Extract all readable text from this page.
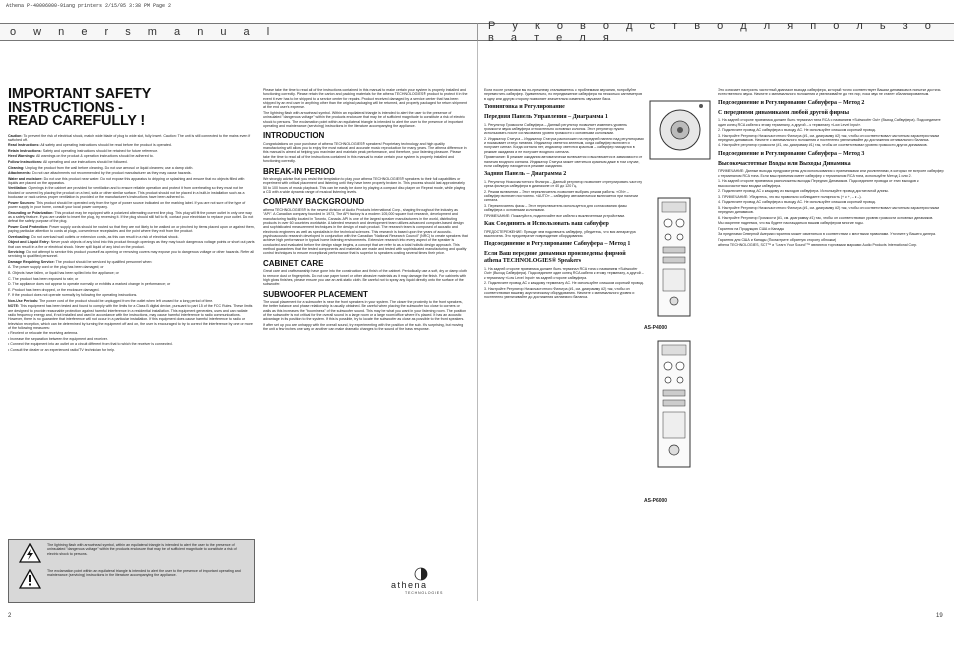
Athena P-40006000-91ang printers 2/15/05 3:38 PM Page 2
o w n e r s m a n u a l	Р у к о в о д с т в о д л я п о л ь з о в а т е л я
IMPORTANT SAFETY
INSTRUCTIONS -
READ CAREFULLY !

Caution: To prevent the risk of electrical shock, match wide blade of plug to wide slot, fully insert. Caution: The unit is still connected to the mains even if switched off.

Read Instructions: All safety and operating instructions should be read before the product is operated.

Retain Instructions: Safety and operating instructions should be retained for future reference.

Heed Warnings: All warnings on the product & operation instructions should be adhered to.

Follow Instructions: All operating and use instructions should be followed.

Cleaning: Unplug the product from the wall before cleaning. Do not use aerosol or liquid cleaners; use a damp cloth.

Attachments: Do not use attachments not recommended by the product manufacturer as they may cause hazards.

Water and moisture: Do not use this product near water. Do not expose this apparatus to dripping or splashing and ensure that no objects filled with liquids are placed on the apparatus.

Ventilation: Openings in the cabinet are provided for ventilation and to ensure reliable operation and protect it from overheating so they must not be blocked or covered by placing the product on a bed, sofa or other similar surface. This product should not be placed in a built-in installation such as a bookcase or rack unless proper ventilation is provided or the manufacturer's instructions have been adhered to.

Power Sources: This product should be operated only from the type of power source indicated on the marking label. If you are not sure of the type of power supply in your home, consult your local power company.

Grounding or Polarization: This product may be equipped with a polarized alternating current line plug. This plug will fit the power outlet in only one way as a safety feature. If you are unable to insert the plug, try reversing it. If the plug should still fail to fit, contact your electrician to replace your outlet. Do not defeat the safety purpose of the plug.

Power Cord Protection: Power supply cords should be routed so that they are not likely to be walked on or pinched by items placed upon or against them, paying particular attention to cords at plugs, convenience receptacles and the point where they exit from the product.

Overloading: Do not overload wall outlets or extension cords, as this can result in a risk of electrical shock.

Object and Liquid Entry: Never push objects of any kind into this product through openings as they may touch dangerous voltage points or short out parts that can result in a fire or electrical shock. Never spill liquid of any kind on the product.

Servicing: Do not attempt to service this product yourself as opening or removing covers may expose you to dangerous voltage or other hazards. Refer all servicing to qualified personnel.

Damage Requiring Service: The product should be serviced by qualified personnel when:

A. The power supply cord or the plug has been damaged; or

B. Objects have fallen, or liquid has been spilled into the appliance; or

C. The product has been exposed to rain; or

D. The appliance does not appear to operate normally or exhibits a marked change in performance; or

E. Product has been dropped, or the enclosure damaged.

F. If the product does not operate normally by following the operating instructions.

Non-Use Periods: The power cord of the product should be unplugged from the outlet when left unused for a long period of time.

NOTE: This equipment has been tested and found to comply with the limits for a Class B digital device, pursuant to part 15 of the FCC Rules. These limits are designed to provide reasonable protection against harmful interference in a residential installation. This equipment generates, uses and can radiate radio frequency energy and, if not installed and used in accordance with the instructions, may cause harmful interference to radio communications. However, there is no guarantee that interference will not occur in a particular installation. If this equipment does cause harmful interference to radio or television reception, which can be determined by turning the equipment off and on, the user is encouraged to try to correct the interference by one or more of the following measures:

• Reorient or relocate the receiving antenna.

• Increase the separation between the equipment and receiver.

• Connect the equipment into an outlet on a circuit different from that to which the receiver is connected.

• Consult the dealer or an experienced radio/TV technician for help.

The lightning flash with arrowhead symbol, within an equilateral triangle is intended to alert the user to the presence of uninsulated "dangerous voltage" within the products enclosure that may be of sufficient magnitude to constitute a risk of electric shock to persons.

The exclamation point within an equilateral triangle is intended to alert the user to the presence of important operating and maintenance (servicing) instructions in the literature accompanying the appliance.

Please take the time to read all of the instructions contained in this manual to make certain your system is properly installed and functioning correctly. Please retain the carton and packing materials for the athena TECHNOLOGIES® product to protect it in the event it ever has to be shipped to a service center for repairs. Product received damaged by a service center that has been shipped by an end user in anything other than the original packaging will be returned, and properly packaged for return shipment at the end user's expense.

The lightning flash with arrowhead symbol. Within an equilateral triangle is intended to alert the user to the presence of uninsulated "dangerous voltage" within the products enclosure that may be of sufficient magnitude to constitute a risk of electric shock to persons. The exclamation point within an equilateral triangle is intended to alert the user to the presence of important operating and maintenance (servicing) instructions in the literature accompanying the appliance.

INTRODUCTION

Congratulations on your purchase of athena TECHNOLOGIES® speakers! Proprietary technology and high quality manufacturing will allow you to enjoy the most natural and accurate music reproduction for many years. The athena difference in this manual is aimed at helping you maximize and maintain peak performance, and therefore, your listening pleasure. Please take the time to read all of the instructions contained in this manual to make certain your system is properly installed and functioning correctly.

BREAK-IN PERIOD

We strongly advise that you resist the temptation to play your athena TECHNOLOGIES® speakers to their full capabilities or experiment with critical placement and listening until they have been properly broken in. This process should last approximately 50 to 100 hours of music playback. This can be easily be done by playing a compact disc player on Repeat mode, while playing a CD with a wide dynamic range of musical listening levels.

COMPANY BACKGROUND

athena TECHNOLOGIES® is the newest division of Audio Products International Corp., shaping throughout the industry as "API". A Canadian company founded in 1973, The API factory is a modern 105,000 square foot research, development and manufacturing facility located in Toronto, Canada. API is one of the largest speaker manufacturers in the world, distributing products in over 60 countries worldwide. A talented research and development team utilizes advanced computer-based design and sophisticated measurement techniques in the design of each product. The research team is composed of acoustic and electronic engineers as well as specialists in the technical sciences. This research is based upon the years of acoustic-psychoacoustic research developed in conjunction with the Canadian "National Research Council" (NRC) to create speakers that achieve high performance in typical home listening environments. Extensive research into every aspect of the speaker is conducted and evaluated before the design stage begins, a concept that we refer to as a total holistic design approach. This method guarantees that the tested components and materials are made and tested with sophisticated manufacturing and quality control techniques to ensure exceptional performance that is superior to speakers costing several times their price.

CABINET CARE

Great care and craftsmanship have gone into the construction and finish of the cabinet. Periodically use a soft, dry or damp cloth to remove dust or fingerprints. Do not use paper towel or other abrasive materials as it may damage the finish. For cabinets with high gloss finishes, please ensure you use an anti-static cloth. Be careful not to spray any liquid directly onto the surface of the subwoofer.

SUBWOOFER PLACEMENT

The usual placement for a subwoofer is near the front speakers in your system. The closer the proximity to the front speakers, the better balance and phase relationship is usually obtained. Be careful when placing the subwoofer too close to corners or walls as this increases the "boominess" of the subwoofer sound. This may be what you want in your listening room. The position of the subwoofer is not critical for the overall sound in a large room or a large room/office where it's placed. It has an acoustic advantage in its position to the system. If this is possible, try to locate the subwoofer as close as possible to the front speakers.

If after set up you are unhappy with the overall sound, try experimenting with the position of the sub. It's surprising, but moving the unit a few inches one way or another can make dramatic changes to the sound of the bass response.

athena
TECHNOLOGIES

Если после установки вы по-прежнему сталкиваетесь с проблемами звучания, попробуйте переместить сабвуфер. Удивительно, но передвижение сабвуфера на несколько сантиметров в одну или другую сторону позволяет значительно изменить звучание баса.

Тюнинговка и Регулирование
Передняя Панель Управления – Диаграмма 1

1. Регулятор Громкости Сабвуфера – Данный регулятор позволяет изменять уровень громкости звука сабвуфера относительно основных колонок. Этот регулятор нужно использовать после согласования уровня громкости с основными колонками.

2. Индикатор Статуса – Индикатор Статуса расположен на передней панели над регуляторами и показывает статус питания. Индикатор светится зеленым, когда сабвуфер включен и получает сигнал. Когда сигнала нет, индикатор светится красным – сабвуфер находится в режиме ожидания и не получает входного сигнала.

Примечание: В режиме ожидания автоматически включается и выключается в зависимости от наличия входного сигнала. Индикатор Статуса может светиться красным даже в том случае, если сабвуфер находится в режиме ожидания.

Задняя Панель – Диаграмма 2

1. Регулятор Низкочастотного Фильтра – Данный регулятор позволяет отрегулировать частоту среза фильтра сабвуфера в диапазоне от 40 до 120 Гц.

2. Режим включения – Этот переключатель позволяет выбрать режим работы. «ON» – сабвуфер включен постоянно. «AUTO» – сабвуфер автоматически включается при наличии сигнала.

3. Переключатель фазы – Этот переключатель используется для согласования фазы сабвуфера с основными колонками.

ПРИМЕЧАНИЕ: Пожалуйста, подключайте все кабели к выключенным устройствам.

Как Соединить и Использовать ваш сабвуфер

ПРЕДОСТЕРЕЖЕНИЕ: Прежде чем подключать сабвуфер, убедитесь, что вся аппаратура выключена. Это предотвратит повреждение оборудования.

Подсоединение и Регулирование Сабвуфера – Метод 1
Если Ваш передние динамики произведены фирмой athena TECHNOLOGIES® Speakers

1. На задней стороне приемника должен быть терминал RCA типа с названием «Subwoofer Out» (Выход Сабвуфера). Подсоедините один конец RCA кабеля к этому терминалу, а другой – к терминалу «Low Level Input» на задней стороне сабвуфера.

2. Подключите провод АС к каждому терминалу АС. Не используйте слишком короткий провод.

3. Настройте Регулятор Низкочастотного Фильтра (#1, см. диаграмму #2) так, чтобы он соответствовал вашему акустическому оборудованию. Начните с минимального уровня и постепенно увеличивайте до достижения желаемого баланса.

AS-P4000
AS-P6000

Это означает настроить частотный диапазон выхода сабвуфера, который точно соответствует Вашим динамикам в попытке достичь естественного звука. Начните с минимального положения и увеличивайте до тех пор, пока звук не станет сбалансированным.

Подсоединение и Регулирование Сабвуфера – Метод 2
С передними динамиками любой другой фирмы

1. На задней стороне приемника должен быть терминал типа RCA с названием «Subwoofer Out» (Выход Сабвуфера). Подсоедините один конец RCA кабеля к этому терминалу, а другой – к терминалу «Low Level Input».

2. Подключите провод АС сабвуфера к выходу АС. Не используйте слишком короткий провод.

3. Настройте Регулятор Низкочастотного Фильтра (#1, см. диаграмму #2) так, чтобы он соответствовал частотным характеристикам передних динамиков. Начните с минимального положения и постепенно увеличивайте до достижения оптимального баланса.

4. Настройте регулятор громкости (#1, см. диаграмму #1) так, чтобы он соответствовал уровню громкости других динамиков.

Подсоединение и Регулирование Сабвуфера – Метод 3
Высокочастотные Входы или Выходы Динамика

ПРИМЕЧАНИЕ: Данные выходы предусмотрены для использования с приемниками или усилителями, в которых не встроен сабвуфер с терминалом RCA типа. Если ваш приемник имеет сабвуфер с терминалом RCA типа, используйте Метод 1 или 2.

1. На задней стороне приемника расположены выходы Передних Динамиков. Подсоедините провода от этих выходов к высокочастотным входам сабвуфера.

2. Подключите провод АС к каждому из выходов сабвуфера. Используйте провод достаточной длины.

3. ПРИМЕЧАНИЕ: Убедитесь, что вы правильно соблюдаете полярность (+ к +, – к –).

4. Подключите провод АС сабвуфера к выходу АС. Не используйте слишком короткий провод.

5. Настройте Регулятор Низкочастотного Фильтра (#1, см. диаграмму #2) так, чтобы он соответствовал частотным характеристикам передних динамиков.

6. Настройте Регулятор Громкости (#1, см. диаграмму #1) так, чтобы он соответствовал уровню громкости основных динамиков.

Мы искренне надеемся, что вы будете наслаждаться вашим сабвуфером многие годы.

Гарантия на Продукцию США и Канады

За пределами Северной Америки гарантия может изменяться в соответствии с местными правилами. Уточните у Вашего дилера.

Гарантия для США и Канады (Посмотрите обратную сторону обложки)

athena TECHNOLOGIES, SCT™ и "Learn Your Sound"™ являются торговыми марками Audio Products International Corp.

2	19
